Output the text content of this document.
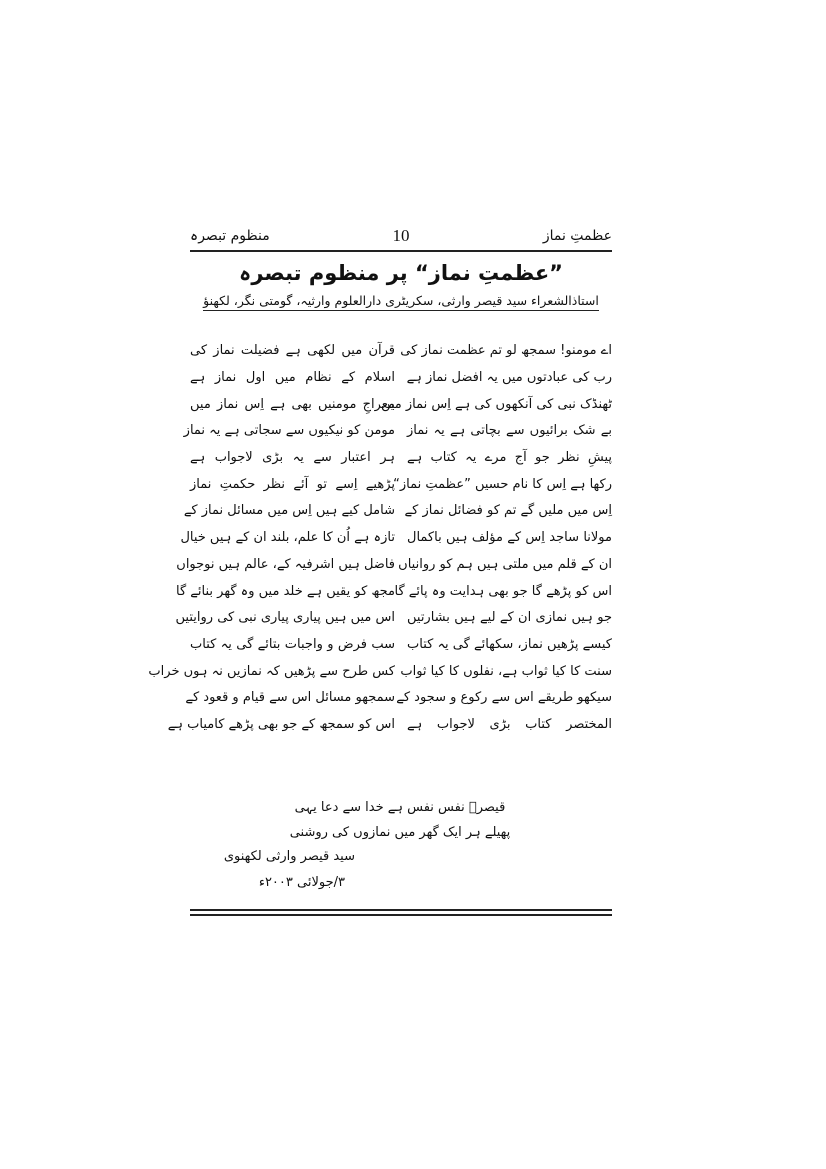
عظمتِ نماز
10
منظوم تبصرہ
”عظمتِ نماز“ پر منظوم تبصرہ
استاذالشعراء سید قیصر وارثی، سکریٹری دارالعلوم وارثیہ، گومتی نگر، لکھنؤ
اے مومنو! سمجھ لو تم عظمت نماز کی
قرآن میں لکھی ہے فضیلت نماز کی
رب کی عبادتوں میں یہ افضل نماز ہے
اسلام کے نظام میں اول نماز ہے
ٹھنڈک نبی کی آنکھوں کی ہے اِس نماز میں
معراجِ مومنیں بھی ہے اِس نماز میں
بے شک برائیوں سے بچاتی ہے یہ نماز
مومن کو نیکیوں سے سجاتی ہے یہ نماز
پیشِ نظر جو آج مرے یہ کتاب ہے
ہر اعتبار سے یہ بڑی لاجواب ہے
رکھا ہے اِس کا نام حسیں ”عظمتِ نماز“
پڑھیے اِسے تو آئے نظر حکمتِ نماز
اِس میں ملیں گے تم کو فضائل نماز کے
شامل کیے ہیں اِس میں مسائل نماز کے
مولانا ساجد اِس کے مؤلف ہیں باکمال
تازہ ہے اُن کا علم، بلند ان کے ہیں خیال
ان کے قلم میں ملتی ہیں ہم کو روانیاں
فاضل ہیں اشرفیہ کے، عالم ہیں نوجواں
اس کو پڑھے گا جو بھی ہدایت وہ پائے گا
مجھ کو یقیں ہے خلد میں وہ گھر بنائے گا
جو ہیں نمازی ان کے لیے ہیں بشارتیں
اس میں ہیں پیاری پیاری نبی کی روایتیں
کیسے پڑھیں نماز، سکھائے گی یہ کتاب
سب فرض و واجبات بتائے گی یہ کتاب
سنت کا کیا ثواب ہے، نفلوں کا کیا ثواب
کس طرح سے پڑھیں کہ نمازیں نہ ہوں خراب
سیکھو طریقے اس سے رکوع و سجود کے
سمجھو مسائل اس سے قیام و قعود کے
المختصر کتاب بڑی لاجواب ہے
اس کو سمجھ کے جو بھی پڑھے کامیاب ہے
قیصرؔ نفس نفس ہے خدا سے دعا یہی
پھیلے ہر ایک گھر میں نمازوں کی روشنی
سید قیصر وارثی لکھنوی
۳/جولائی ۲۰۰۳ء
